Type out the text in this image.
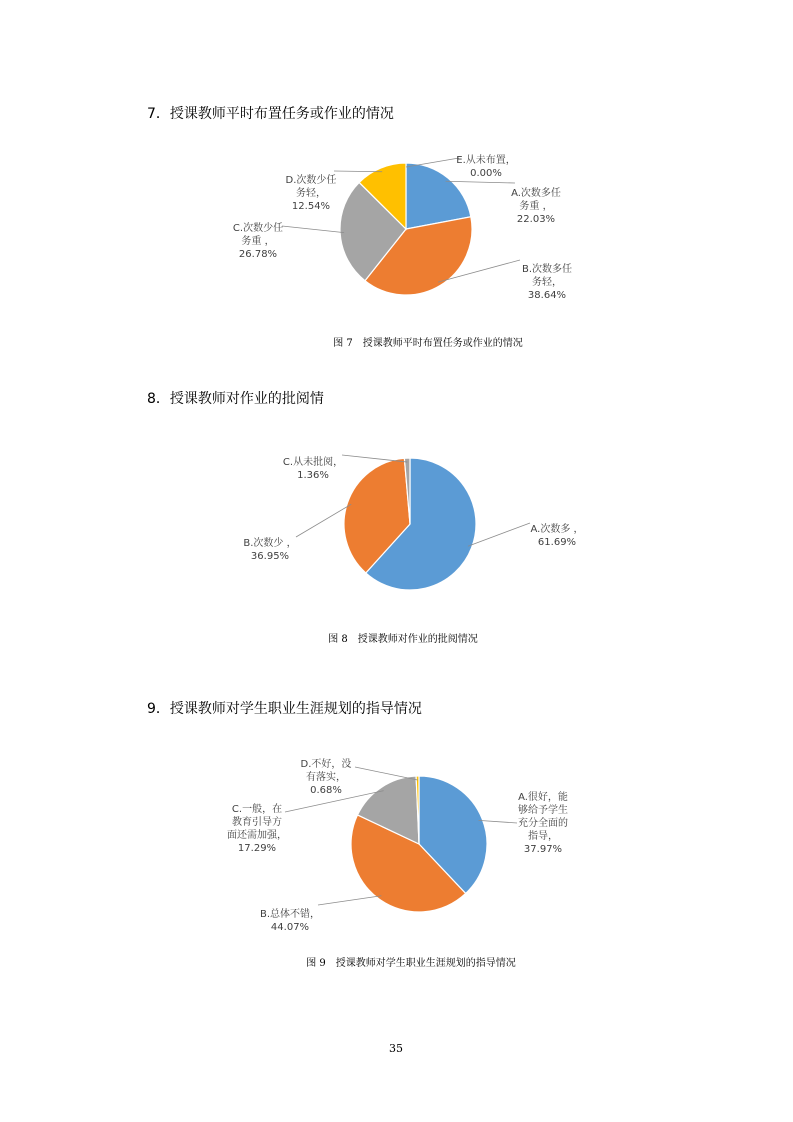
7．授课教师平时布置任务或作业的情况
A.次数多任
务重 ，
22.03%
B.次数多任
务轻，
38.64%
C.次数少任
务重 ，
26.78%
D.次数少任
务轻，
12.54%
E.从未布置，
0.00%
图 7　授课教师平时布置任务或作业的情况
8．授课教师对作业的批阅情
A.次数多 ，
61.69%
B.次数少 ，
36.95%
C.从未批阅，
1.36%
图 8　授课教师对作业的批阅情况
9．授课教师对学生职业生涯规划的指导情况
A.很好，能
够给予学生
充分全面的
指导，
37.97%
B.总体不错，
44.07%
C.一般，在
教育引导方
面还需加强，
17.29%
D.不好，没
有落实，
0.68%
图 9　授课教师对学生职业生涯规划的指导情况
35
